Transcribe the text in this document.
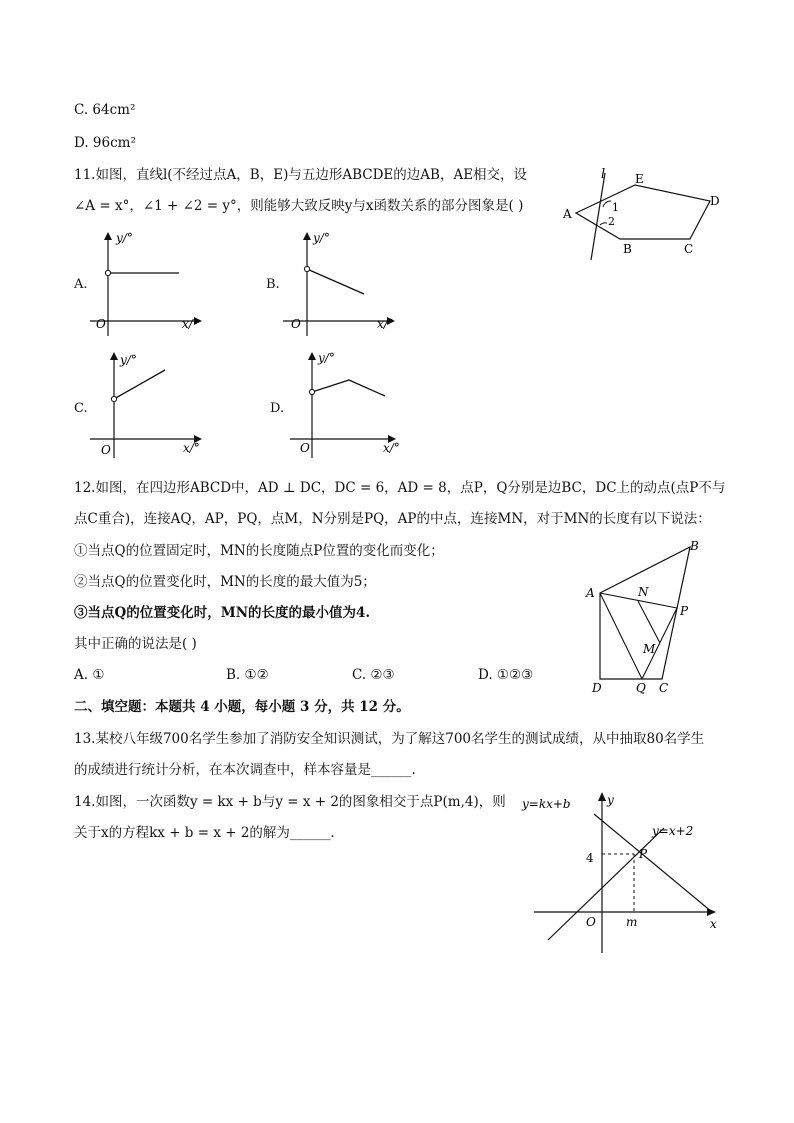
C. 64cm²
D. 96cm²
11.如图，直线l(不经过点A，B，E)与五边形ABCDE的边AB，AE相交，设
∠A = x°，∠1 + ∠2 = y°，则能够大致反映y与x函数关系的部分图象是( )
l E
D
A	1
2
B	C
A.
y/°
x/°
O
B.
y/°
x/°
O
C.
y/°
x/°
O
D.
y/°
x/°
O
12.如图，在四边形ABCD中，AD ⊥ DC，DC = 6，AD = 8，点P，Q分别是边BC，DC上的动点(点P不与
点C重合)，连接AQ，AP，PQ，点M，N分别是PQ，AP的中点，连接MN，对于MN的长度有以下说法：
①当点Q的位置固定时，MN的长度随点P位置的变化而变化；
②当点Q的位置变化时，MN的长度的最大值为5；
③当点Q的位置变化时，MN的长度的最小值为4.
其中正确的说法是( )
A. ①	B. ①②	C. ②③	D. ①②③
B
A	N
P
M
D	Q C
二、填空题：本题共 4 小题，每小题 3 分，共 12 分。
13.某校八年级700名学生参加了消防安全知识测试，为了解这700名学生的测试成绩，从中抽取80名学生
的成绩进行统计分析，在本次调查中，样本容量是______.
14.如图，一次函数y = kx + b与y = x + 2的图象相交于点P(m,4)，则
关于x的方程kx + b = x + 2的解为______.
y=kx+b
y=x+2
y
x
O
4	P
m
